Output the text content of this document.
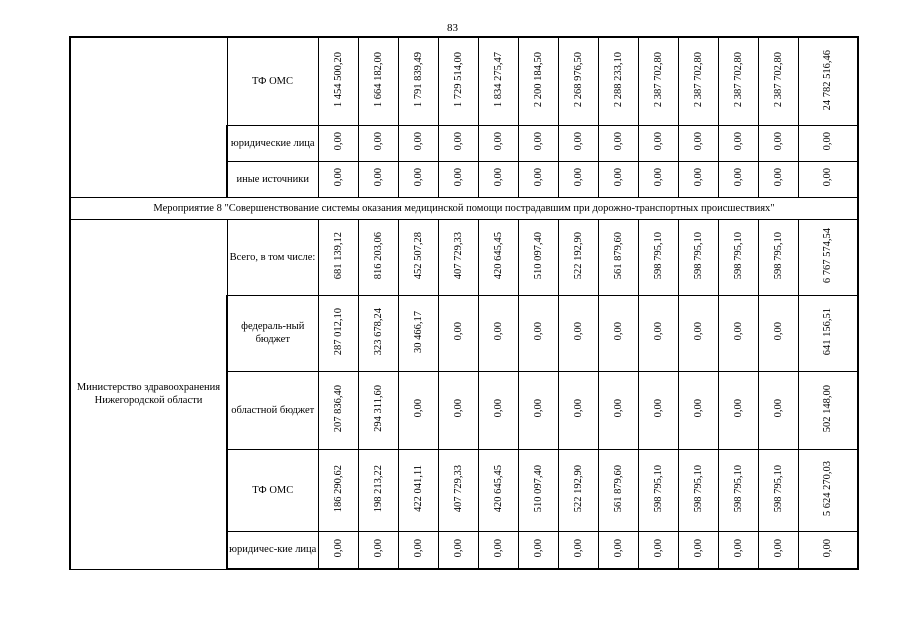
83
	ТФ ОМС	1 454 500,20	1 664 182,00	1 791 839,49	1 729 514,00	1 834 275,47	2 200 184,50	2 268 976,50	2 288 233,10	2 387 702,80	2 387 702,80	2 387 702,80	2 387 702,80	24 782 516,46
	юридические лица	0,00	0,00	0,00	0,00	0,00	0,00	0,00	0,00	0,00	0,00	0,00	0,00	0,00
	иные источники	0,00	0,00	0,00	0,00	0,00	0,00	0,00	0,00	0,00	0,00	0,00	0,00	0,00
Мероприятие 8 "Совершенствование системы оказания медицинской помощи пострадавшим при дорожно-транспортных происшествиях"														
Министерство здравоохранения Нижегородской области	Всего, в том числе:	681 139,12	816 203,06	452 507,28	407 729,33	420 645,45	510 097,40	522 192,90	561 879,60	598 795,10	598 795,10	598 795,10	598 795,10	6 767 574,54
	федераль-ный бюджет	287 012,10	323 678,24	30 466,17	0,00	0,00	0,00	0,00	0,00	0,00	0,00	0,00	0,00	641 156,51
	областной бюджет	207 836,40	294 311,60	0,00	0,00	0,00	0,00	0,00	0,00	0,00	0,00	0,00	0,00	502 148,00
	ТФ ОМС	186 290,62	198 213,22	422 041,11	407 729,33	420 645,45	510 097,40	522 192,90	561 879,60	598 795,10	598 795,10	598 795,10	598 795,10	5 624 270,03
	юридичес-кие лица	0,00	0,00	0,00	0,00	0,00	0,00	0,00	0,00	0,00	0,00	0,00	0,00	0,00
